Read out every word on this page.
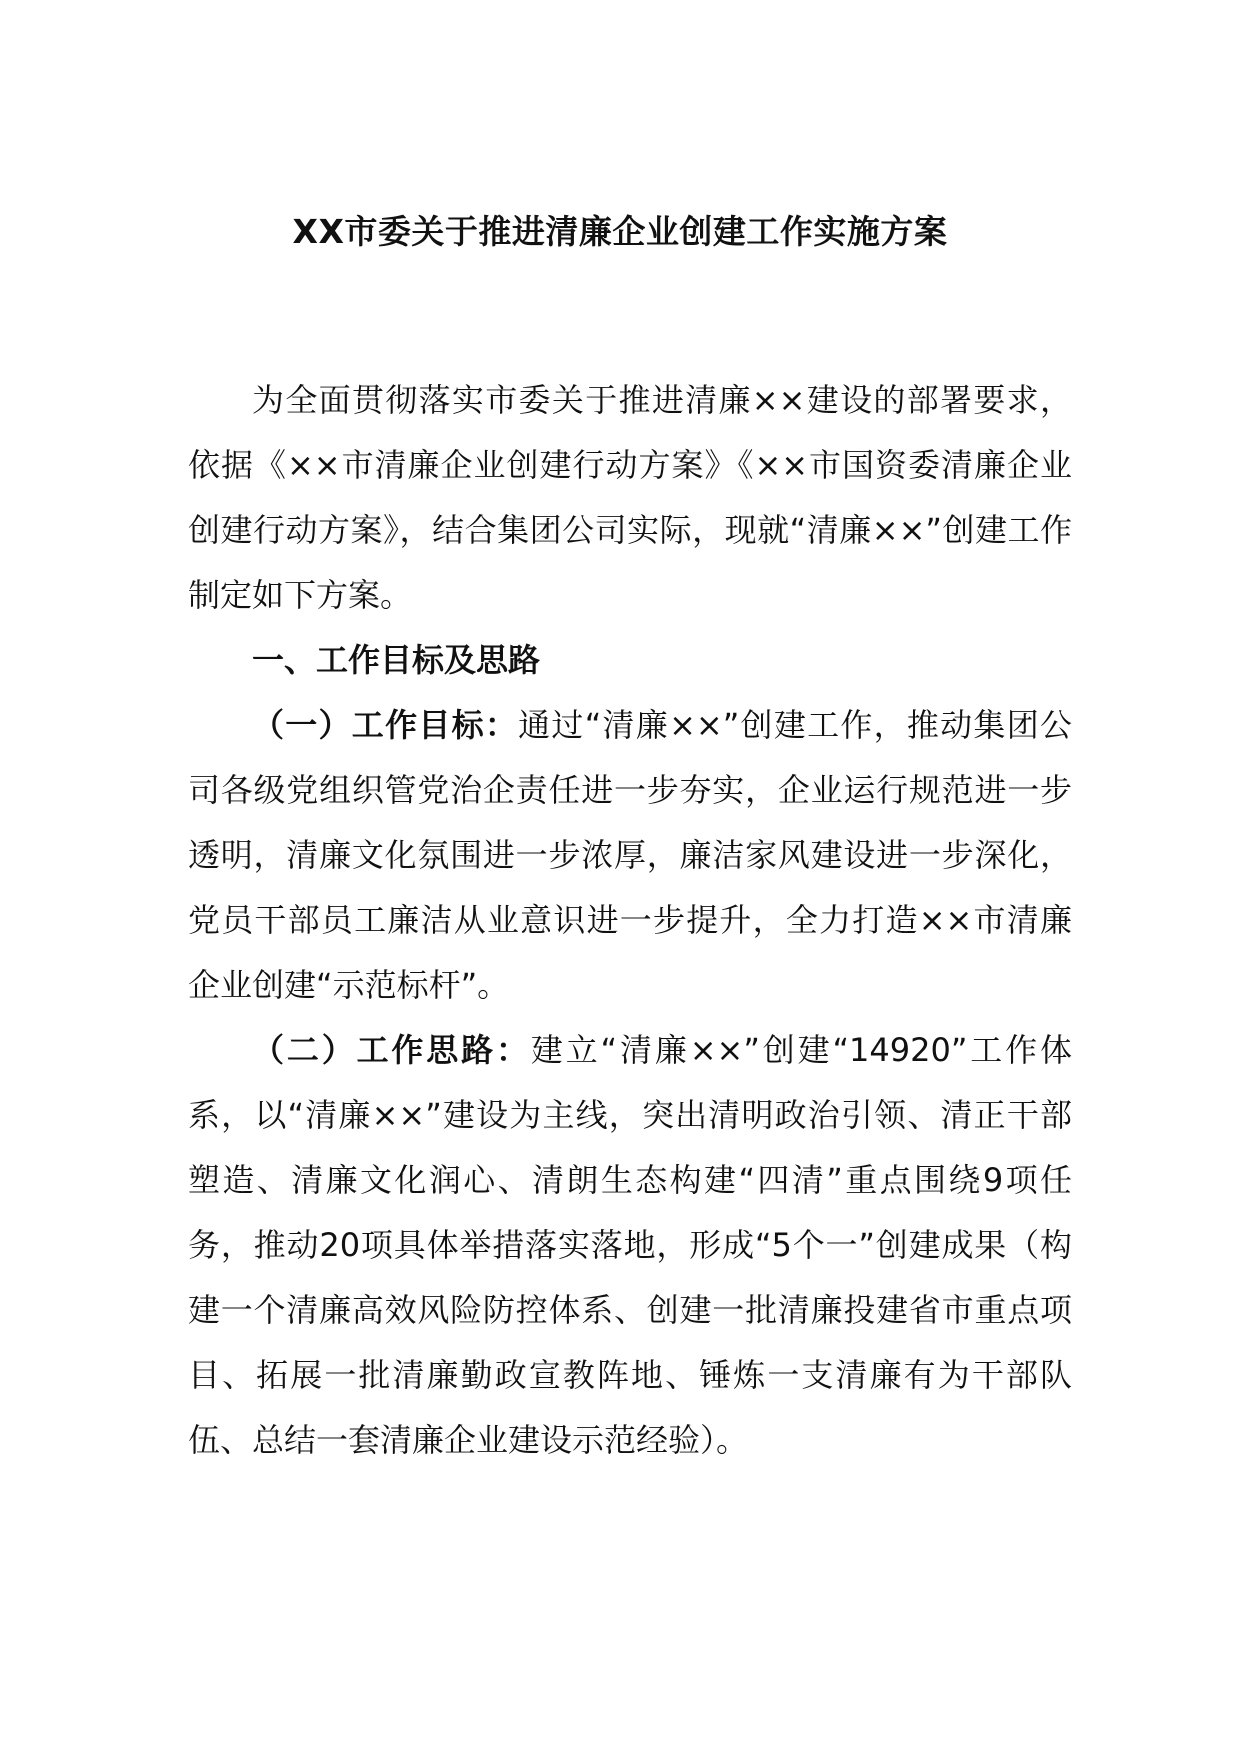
XX市委关于推进清廉企业创建工作实施方案

为全面贯彻落实市委关于推进清廉××建设的部署要求，依据《××市清廉企业创建行动方案》《××市国资委清廉企业创建行动方案》，结合集团公司实际，现就“清廉××”创建工作制定如下方案。

一、工作目标及思路

（一）工作目标：通过“清廉××”创建工作，推动集团公司各级党组织管党治企责任进一步夯实，企业运行规范进一步透明，清廉文化氛围进一步浓厚，廉洁家风建设进一步深化，党员干部员工廉洁从业意识进一步提升，全力打造××市清廉企业创建“示范标杆”。

（二）工作思路：建立“清廉××”创建“14920”工作体系，以“清廉××”建设为主线，突出清明政治引领、清正干部塑造、清廉文化润心、清朗生态构建“四清”重点围绕9项任务，推动20项具体举措落实落地，形成“5个一”创建成果（构建一个清廉高效风险防控体系、创建一批清廉投建省市重点项目、拓展一批清廉勤政宣教阵地、锤炼一支清廉有为干部队伍、总结一套清廉企业建设示范经验）。
